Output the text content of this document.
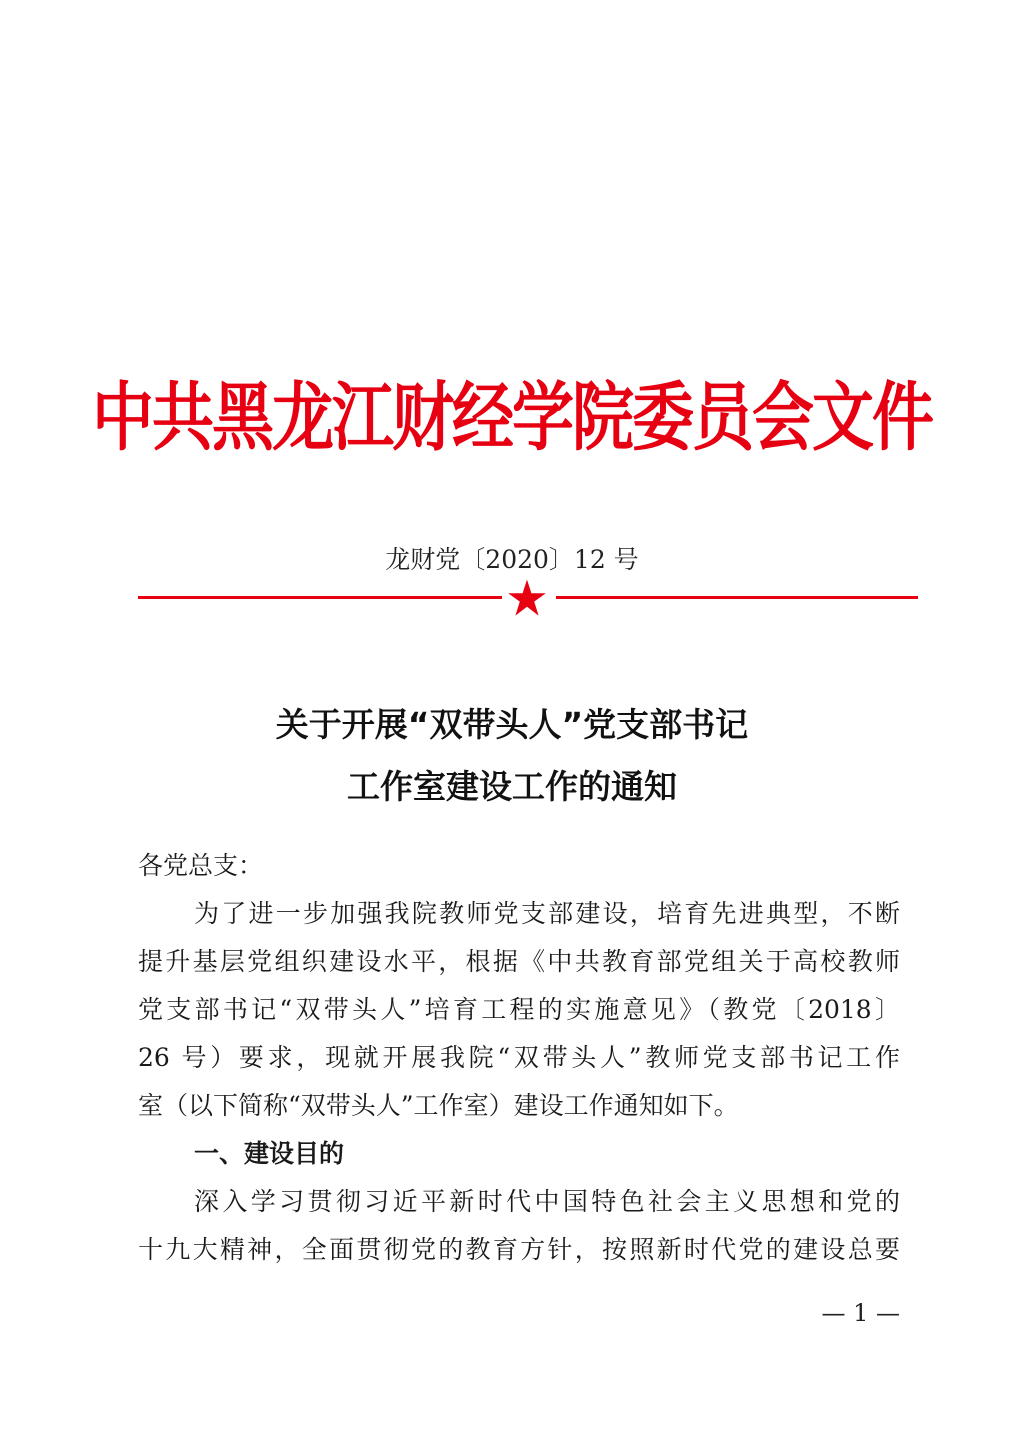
中共黑龙江财经学院委员会文件
龙财党〔2020〕12 号
关于开展“双带头人”党支部书记
工作室建设工作的通知
各党总支：
为了进一步加强我院教师党支部建设，培育先进典型，不断
提升基层党组织建设水平，根据《中共教育部党组关于高校教师
党支部书记“双带头人”培育工程的实施意见》（教党〔2018〕
26 号）要求，现就开展我院“双带头人”教师党支部书记工作
室（以下简称“双带头人”工作室）建设工作通知如下。
一、建设目的
深入学习贯彻习近平新时代中国特色社会主义思想和党的
十九大精神，全面贯彻党的教育方针，按照新时代党的建设总要
— 1 —
